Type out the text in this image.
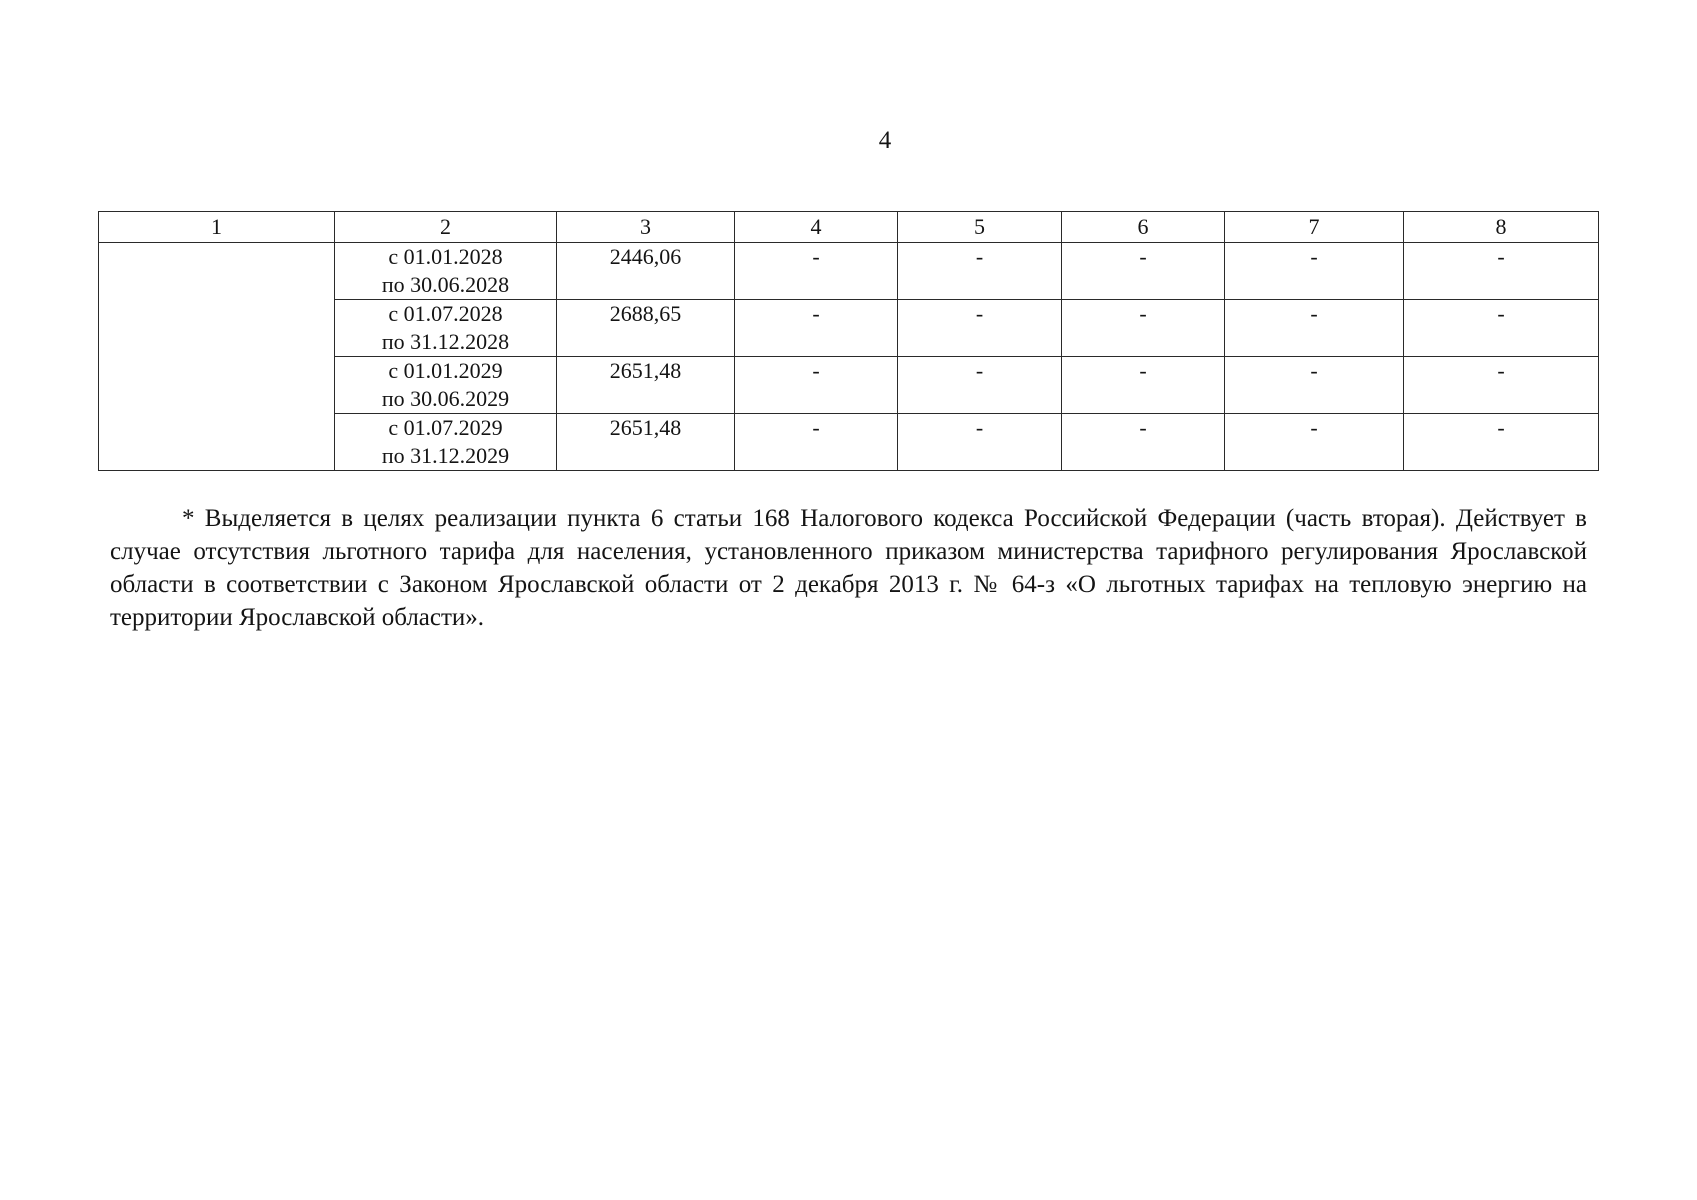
4
1	2	3	4	5	6	7	8

	с 01.01.2028
по 30.06.2028	2446,06	-	-	-	-	-

	с 01.07.2028
по 31.12.2028	2688,65	-	-	-	-	-

	с 01.01.2029
по 30.06.2029	2651,48	-	-	-	-	-

	с 01.07.2029
по 31.12.2029	2651,48	-	-	-	-	-

* Выделяется в целях реализации пункта 6 статьи 168 Налогового кодекса Российской Федерации (часть вторая). Действует в случае отсутствия льготного тарифа для населения, установленного приказом министерства тарифного регулирования Ярославской области в соответствии с Законом Ярославской области от 2 декабря 2013 г. № 64-з «О льготных тарифах на тепловую энергию на территории Ярославской области».
